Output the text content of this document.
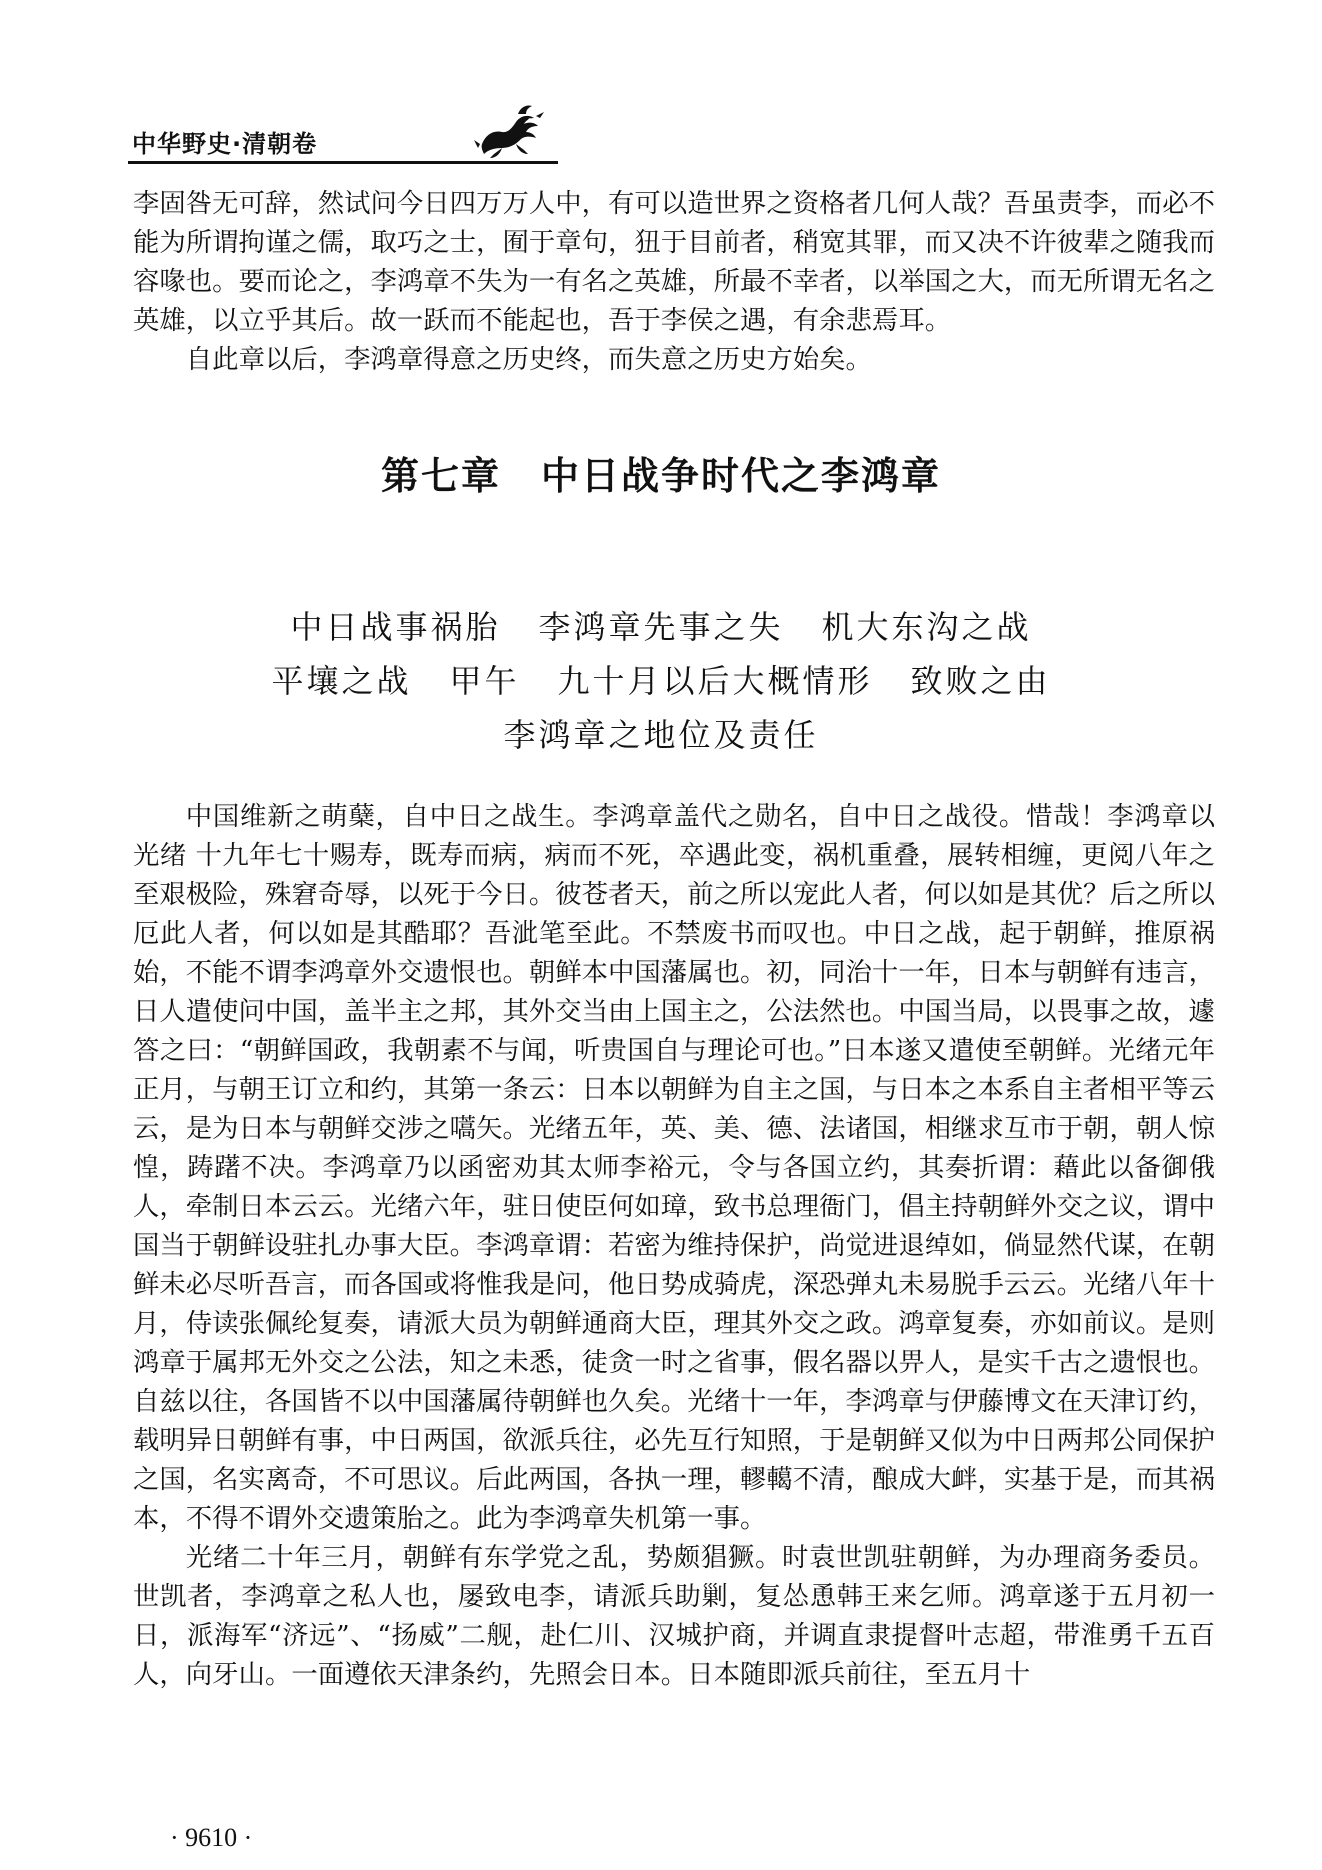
中华野史·清朝卷

李固咎无可辞，然试问今日四万万人中，有可以造世界之资格者几何人哉？吾虽责李，而必不能为所谓拘谨之儒，取巧之士，囿于章句，狃于目前者，稍宽其罪，而又决不许彼辈之随我而容喙也。要而论之，李鸿章不失为一有名之英雄，所最不幸者，以举国之大，而无所谓无名之英雄，以立乎其后。故一跃而不能起也，吾于李侯之遇，有余悲焉耳。

自此章以后，李鸿章得意之历史终，而失意之历史方始矣。

第七章　中日战争时代之李鸿章
中日战事祸胎 李鸿章先事之失 机大东沟之战
平壤之战 甲午 九十月以后大概情形 致败之由
李鸿章之地位及责任

中国维新之萌蘖，自中日之战生。李鸿章盖代之勋名，自中日之战役。惜哉！李鸿章以光绪 十九年七十赐寿，既寿而病，病而不死，卒遇此变，祸机重叠，展转相缠，更阅八年之至艰极险，殊窘奇辱，以死于今日。彼苍者天，前之所以宠此人者，何以如是其优？后之所以厄此人者，何以如是其酷耶？吾泚笔至此。不禁废书而叹也。中日之战，起于朝鲜，推原祸始，不能不谓李鸿章外交遗恨也。朝鲜本中国藩属也。初，同治十一年，日本与朝鲜有违言，日人遣使问中国，盖半主之邦，其外交当由上国主之，公法然也。中国当局，以畏事之故，遽答之曰：“朝鲜国政，我朝素不与闻，听贵国自与理论可也。”日本遂又遣使至朝鲜。光绪元年正月，与朝王订立和约，其第一条云：日本以朝鲜为自主之国，与日本之本系自主者相平等云云，是为日本与朝鲜交涉之嚆矢。光绪五年，英、美、德、法诸国，相继求互市于朝，朝人惊惶，踌躇不决。李鸿章乃以函密劝其太师李裕元，令与各国立约，其奏折谓：藉此以备御俄人，牵制日本云云。光绪六年，驻日使臣何如璋，致书总理衙门，倡主持朝鲜外交之议，谓中国当于朝鲜设驻扎办事大臣。李鸿章谓：若密为维持保护，尚觉进退绰如，倘显然代谋，在朝鲜未必尽听吾言，而各国或将惟我是问，他日势成骑虎，深恐弹丸未易脱手云云。光绪八年十月，侍读张佩纶复奏，请派大员为朝鲜通商大臣，理其外交之政。鸿章复奏，亦如前议。是则鸿章于属邦无外交之公法，知之未悉，徒贪一时之省事，假名器以畀人，是实千古之遗恨也。自兹以往，各国皆不以中国藩属待朝鲜也久矣。光绪十一年，李鸿章与伊藤博文在天津订约，载明异日朝鲜有事，中日两国，欲派兵往，必先互行知照，于是朝鲜又似为中日两邦公同保护之国，名实离奇，不可思议。后此两国，各执一理，轇轕不清，酿成大衅，实基于是，而其祸本，不得不谓外交遗策胎之。此为李鸿章失机第一事。

光绪二十年三月，朝鲜有东学党之乱，势颇猖獗。时袁世凯驻朝鲜，为办理商务委员。世凯者，李鸿章之私人也，屡致电李，请派兵助剿，复怂恿韩王来乞师。鸿章遂于五月初一日，派海军“济远”、“扬威”二舰，赴仁川、汉城护商，并调直隶提督叶志超，带淮勇千五百人，向牙山。一面遵依天津条约，先照会日本。日本随即派兵前往，至五月十

· 9610 ·
